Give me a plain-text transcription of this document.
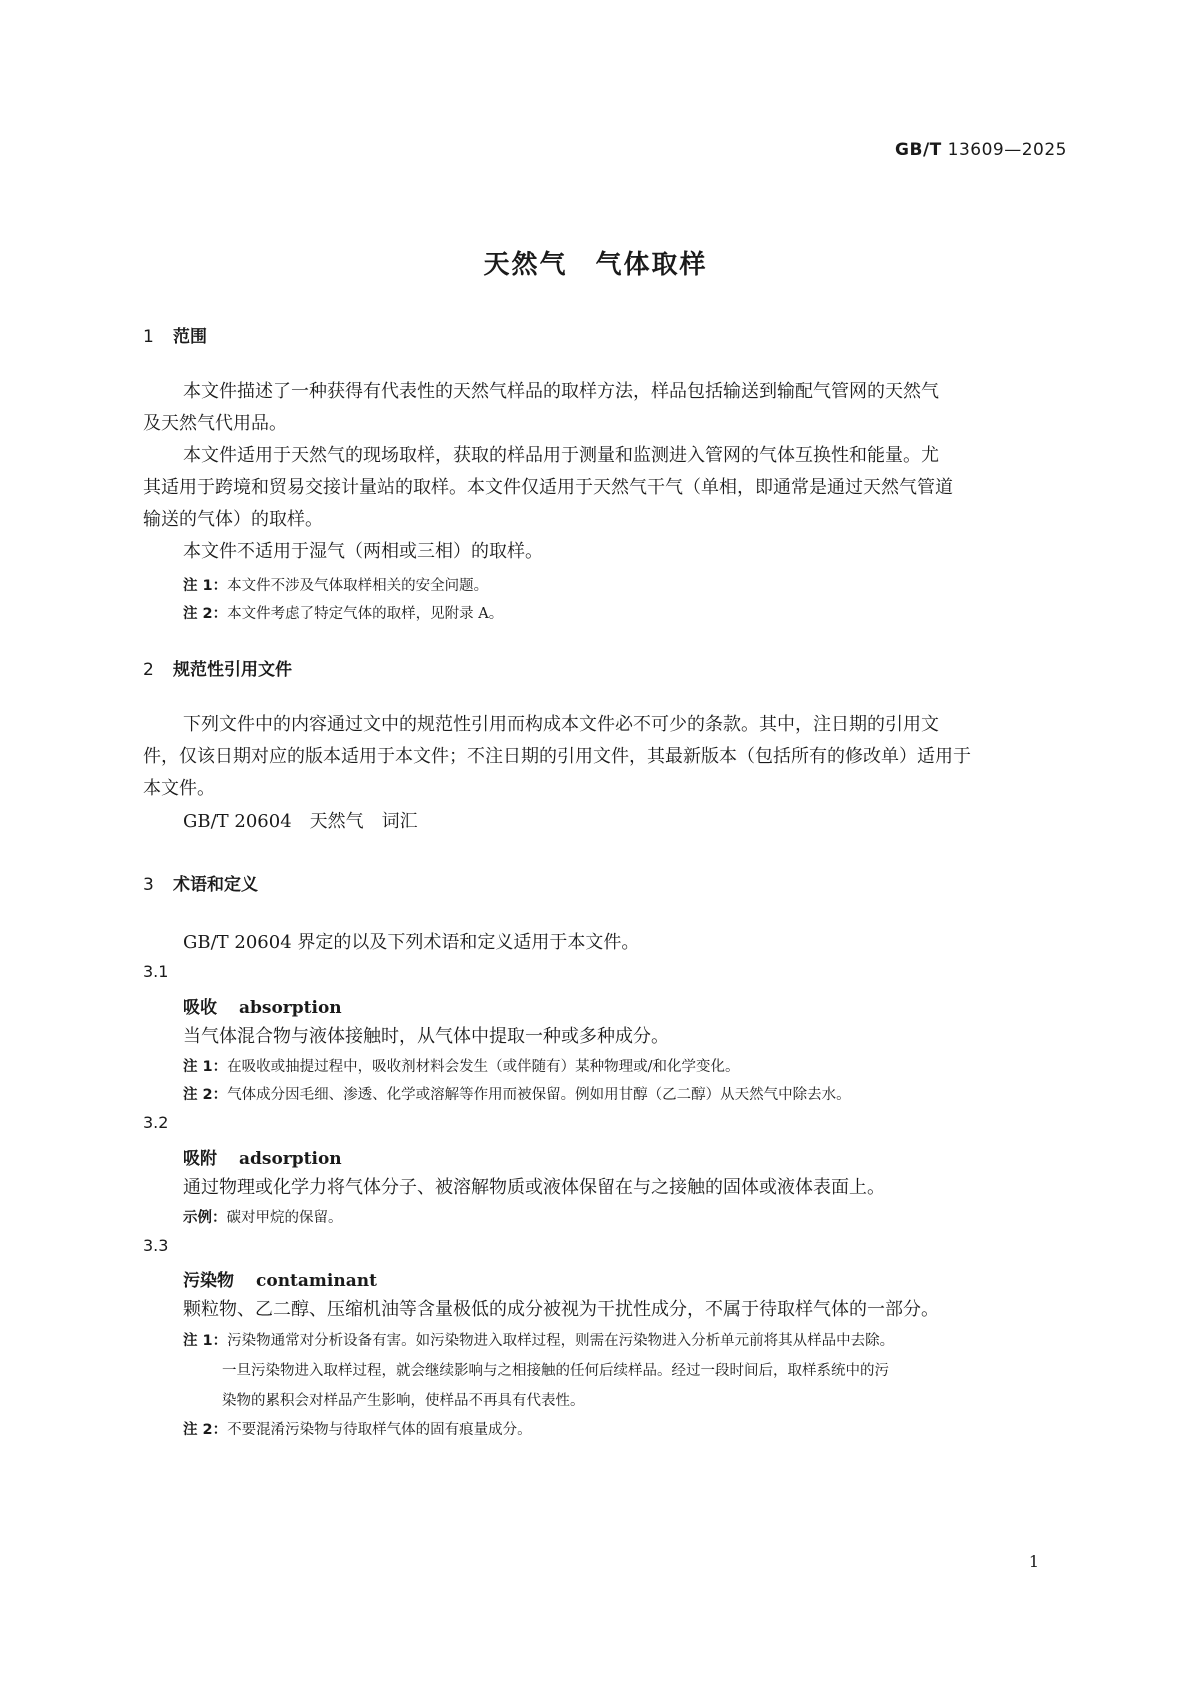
GB/T 13609—2025
天然气　气体取样
1 范围
本文件描述了一种获得有代表性的天然气样品的取样方法，样品包括输送到输配气管网的天然气
及天然气代用品。
本文件适用于天然气的现场取样，获取的样品用于测量和监测进入管网的气体互换性和能量。尤
其适用于跨境和贸易交接计量站的取样。本文件仅适用于天然气干气（单相，即通常是通过天然气管道
输送的气体）的取样。
本文件不适用于湿气（两相或三相）的取样。
注 1：本文件不涉及气体取样相关的安全问题。
注 2：本文件考虑了特定气体的取样，见附录 A。
2 规范性引用文件
下列文件中的内容通过文中的规范性引用而构成本文件必不可少的条款。其中，注日期的引用文
件，仅该日期对应的版本适用于本文件；不注日期的引用文件，其最新版本（包括所有的修改单）适用于
本文件。
GB/T 20604　天然气　词汇
3 术语和定义
GB/T 20604 界定的以及下列术语和定义适用于本文件。
3.1
吸收 absorption
当气体混合物与液体接触时，从气体中提取一种或多种成分。
注 1：在吸收或抽提过程中，吸收剂材料会发生（或伴随有）某种物理或/和化学变化。
注 2：气体成分因毛细、渗透、化学或溶解等作用而被保留。例如用甘醇（乙二醇）从天然气中除去水。
3.2
吸附 adsorption
通过物理或化学力将气体分子、被溶解物质或液体保留在与之接触的固体或液体表面上。
示例：碳对甲烷的保留。
3.3
污染物 contaminant
颗粒物、乙二醇、压缩机油等含量极低的成分被视为干扰性成分，不属于待取样气体的一部分。
注 1：污染物通常对分析设备有害。如污染物进入取样过程，则需在污染物进入分析单元前将其从样品中去除。
一旦污染物进入取样过程，就会继续影响与之相接触的任何后续样品。经过一段时间后，取样系统中的污
染物的累积会对样品产生影响，使样品不再具有代表性。
注 2：不要混淆污染物与待取样气体的固有痕量成分。
1
